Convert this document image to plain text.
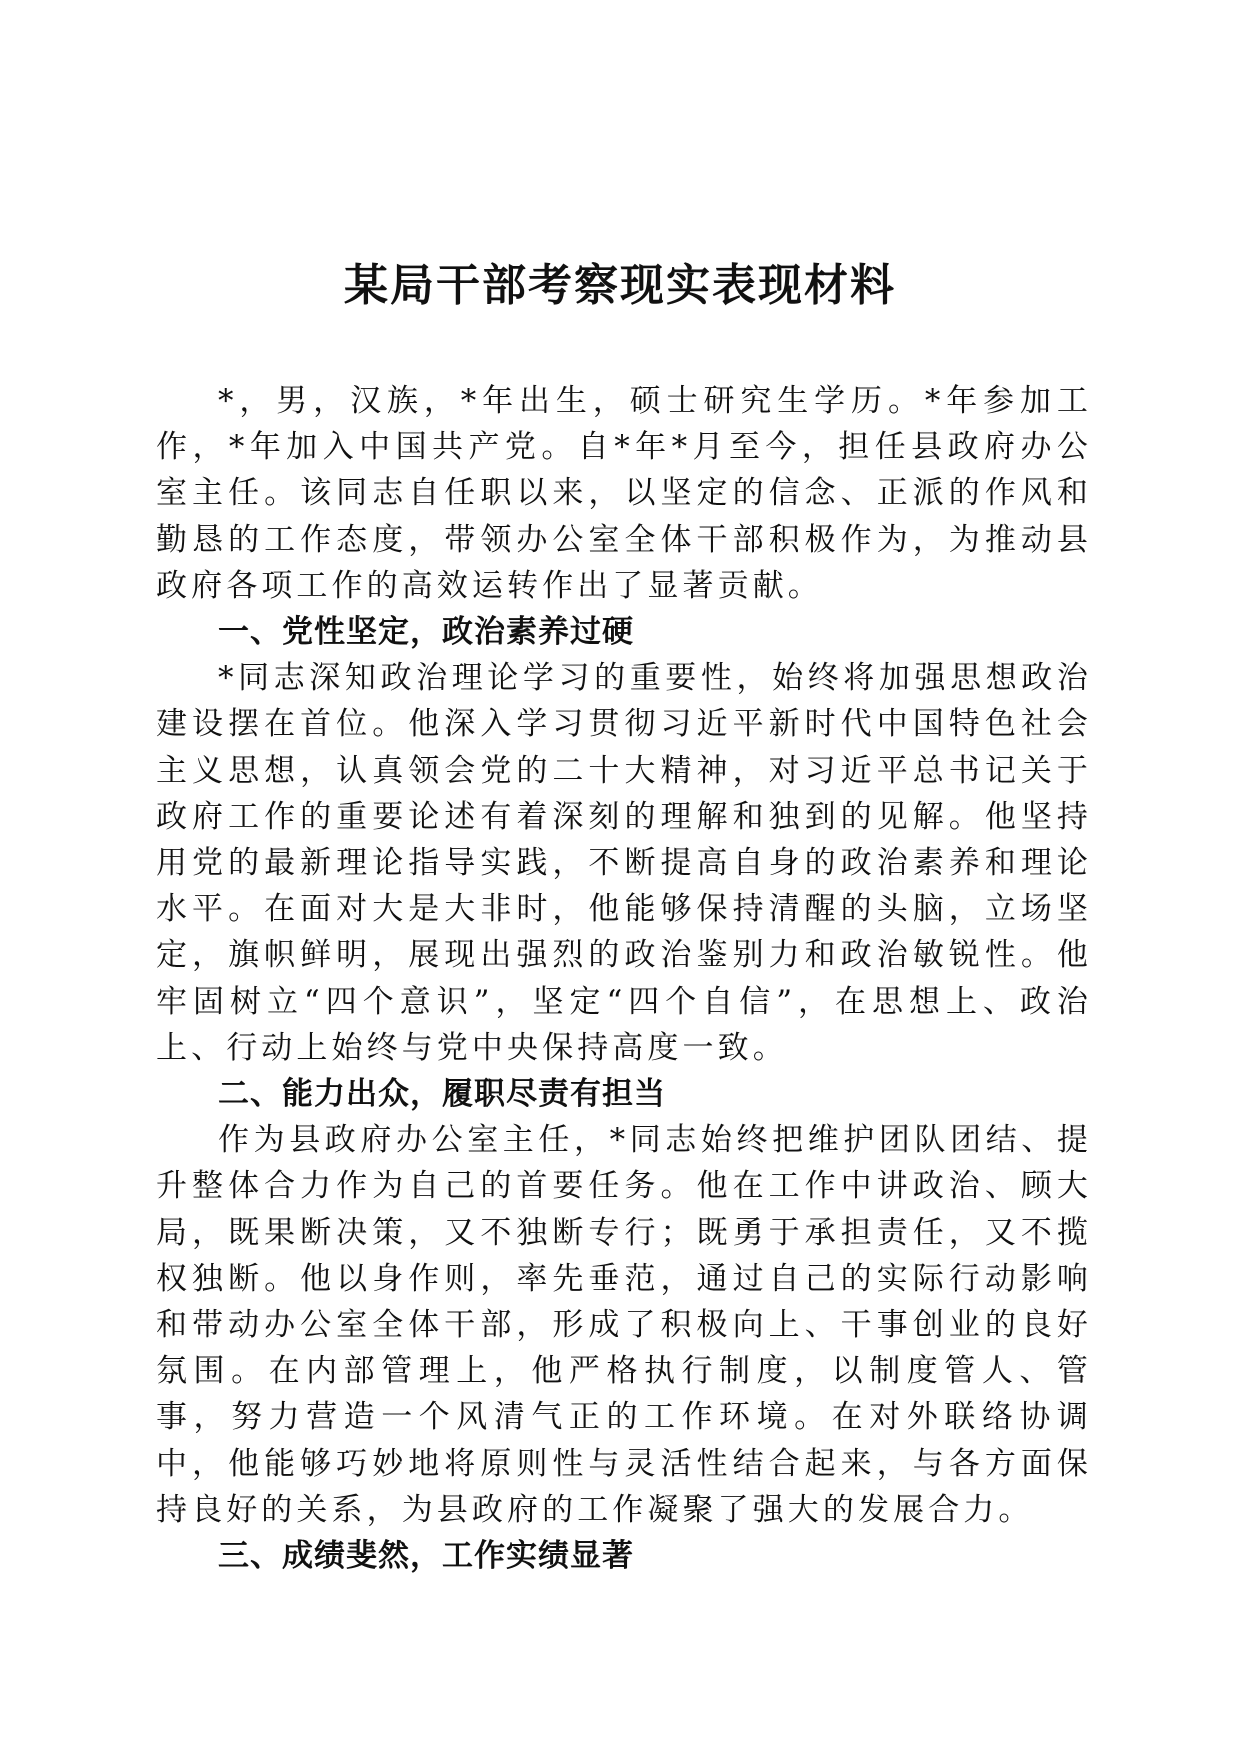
某局干部考察现实表现材料

*，男，汉族，*年出生，硕士研究生学历。*年参加工作，*年加入中国共产党。自*年*月至今，担任县政府办公室主任。该同志自任职以来，以坚定的信念、正派的作风和勤恳的工作态度，带领办公室全体干部积极作为，为推动县政府各项工作的高效运转作出了显著贡献。

一、党性坚定，政治素养过硬

*同志深知政治理论学习的重要性，始终将加强思想政治建设摆在首位。他深入学习贯彻习近平新时代中国特色社会主义思想，认真领会党的二十大精神，对习近平总书记关于政府工作的重要论述有着深刻的理解和独到的见解。他坚持用党的最新理论指导实践，不断提高自身的政治素养和理论水平。在面对大是大非时，他能够保持清醒的头脑，立场坚定，旗帜鲜明，展现出强烈的政治鉴别力和政治敏锐性。他牢固树立“四个意识”，坚定“四个自信”，在思想上、政治上、行动上始终与党中央保持高度一致。

二、能力出众，履职尽责有担当

作为县政府办公室主任，*同志始终把维护团队团结、提升整体合力作为自己的首要任务。他在工作中讲政治、顾大局，既果断决策，又不独断专行；既勇于承担责任，又不揽权独断。他以身作则，率先垂范，通过自己的实际行动影响和带动办公室全体干部，形成了积极向上、干事创业的良好氛围。在内部管理上，他严格执行制度，以制度管人、管事，努力营造一个风清气正的工作环境。在对外联络协调中，他能够巧妙地将原则性与灵活性结合起来，与各方面保持良好的关系，为县政府的工作凝聚了强大的发展合力。

三、成绩斐然，工作实绩显著
